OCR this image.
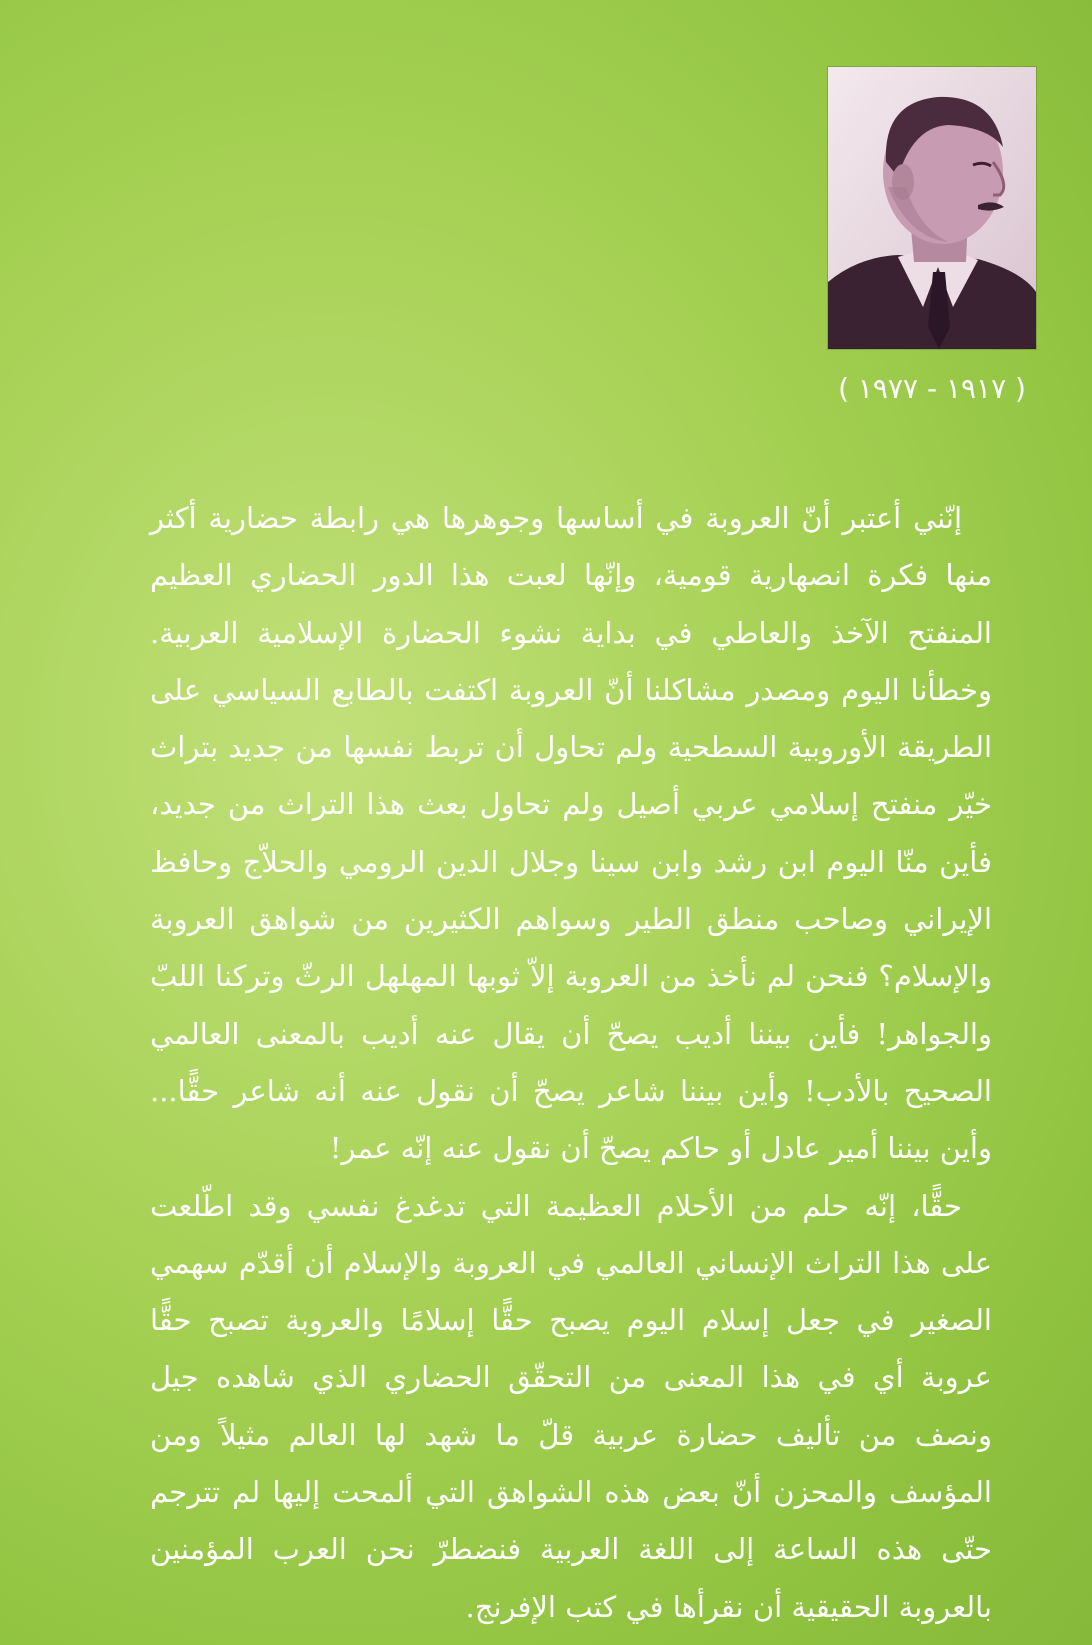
( ١٩١٧ - ١٩٧٧ )

إنّني أعتبر أنّ العروبة في أساسها وجوهرها هي رابطة حضارية أكثر منها فكرة انصهارية قومية، وإنّها لعبت هذا الدور الحضاري العظيم المنفتح الآخذ والعاطي في بداية نشوء الحضارة الإسلامية العربية. وخطأنا اليوم ومصدر مشاكلنا أنّ العروبة اكتفت بالطابع السياسي على الطريقة الأوروبية السطحية ولم تحاول أن تربط نفسها من جديد بتراث خيّر منفتح إسلامي عربي أصيل ولم تحاول بعث هذا التراث من جديد، فأين منّا اليوم ابن رشد وابن سينا وجلال الدين الرومي والحلاّج وحافظ الإيراني وصاحب منطق الطير وسواهم الكثيرين من شواهق العروبة والإسلام؟ فنحن لم نأخذ من العروبة إلاّ ثوبها المهلهل الرثّ وتركنا اللبّ والجواهر! فأين بيننا أديب يصحّ أن يقال عنه أديب بالمعنى العالمي الصحيح بالأدب! وأين بيننا شاعر يصحّ أن نقول عنه أنه شاعر حقًّا... وأين بيننا أمير عادل أو حاكم يصحّ أن نقول عنه إنّه عمر!

حقًّا، إنّه حلم من الأحلام العظيمة التي تدغدغ نفسي وقد اطّلعت على هذا التراث الإنساني العالمي في العروبة والإسلام أن أقدّم سهمي الصغير في جعل إسلام اليوم يصبح حقًّا إسلامًا والعروبة تصبح حقًّا عروبة أي في هذا المعنى من التحقّق الحضاري الذي شاهده جيل ونصف من تأليف حضارة عربية قلّ ما شهد لها العالم مثيلاً ومن المؤسف والمحزن أنّ بعض هذه الشواهق التي ألمحت إليها لم تترجم حتّى هذه الساعة إلى اللغة العربية فنضطرّ نحن العرب المؤمنين بالعروبة الحقيقية أن نقرأها في كتب الإفرنج.
